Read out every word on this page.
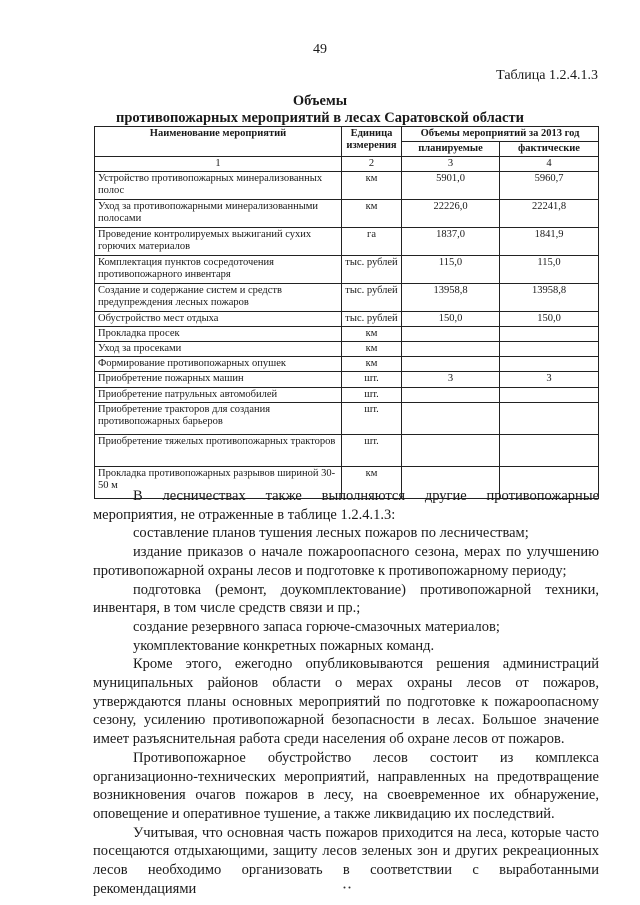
49
Таблица 1.2.4.1.3
Объемы
противопожарных мероприятий в лесах Саратовской области
Наименование мероприятий	Единица измерения	Объемы мероприятий за 2013 год	
		планируемые	фактические
1	2	3	4
Устройство противопожарных минерализованных полос	км	5901,0	5960,7
Уход за противопожарными минерализованными полосами	км	22226,0	22241,8
Проведение контролируемых выжиганий сухих горючих материалов	га	1837,0	1841,9
Комплектация пунктов сосредоточения противопожарного инвентаря	тыс. рублей	115,0	115,0
Создание и содержание систем и средств предупреждения лесных пожаров	тыс. рублей	13958,8	13958,8
Обустройство мест отдыха	тыс. рублей	150,0	150,0
Прокладка просек	км		
Уход за просеками	км		
Формирование противопожарных опушек	км		
Приобретение пожарных машин	шт.	3	3
Приобретение патрульных автомобилей	шт.		
Приобретение тракторов для создания противопожарных барьеров	шт.		
Приобретение тяжелых противопожарных тракторов	шт.		
Прокладка противопожарных разрывов шириной 30-50 м	км		

В лесничествах также выполняются другие противопожарные мероприятия, не отраженные в таблице 1.2.4.1.3:

составление планов тушения лесных пожаров по лесничествам;

издание приказов о начале пожароопасного сезона, мерах по улучшению противопожарной охраны лесов и подготовке к противопожарному периоду;

подготовка (ремонт, доукомплектование) противопожарной техники, инвентаря, в том числе средств связи и пр.;

создание резервного запаса горюче-смазочных материалов;

укомплектование конкретных пожарных команд.

Кроме этого, ежегодно опубликовываются решения администраций муниципальных районов области о мерах охраны лесов от пожаров, утверждаются планы основных мероприятий по подготовке к пожароопасному сезону, усилению противопожарной безопасности в лесах. Большое значение имеет разъяснительная работа среди населения об охране лесов от пожаров.

Противопожарное обустройство лесов состоит из комплекса организационно-технических мероприятий, направленных на предотвращение возникновения очагов пожаров в лесу, на своевременное их обнаружение, оповещение и оперативное тушение, а также ликвидацию их последствий.

Учитывая, что основная часть пожаров приходится на леса, которые часто посещаются отдыхающими, защиту лесов зеленых зон и других рекреационных лесов необходимо организовать в соответствии с выработанными рекомендациями
